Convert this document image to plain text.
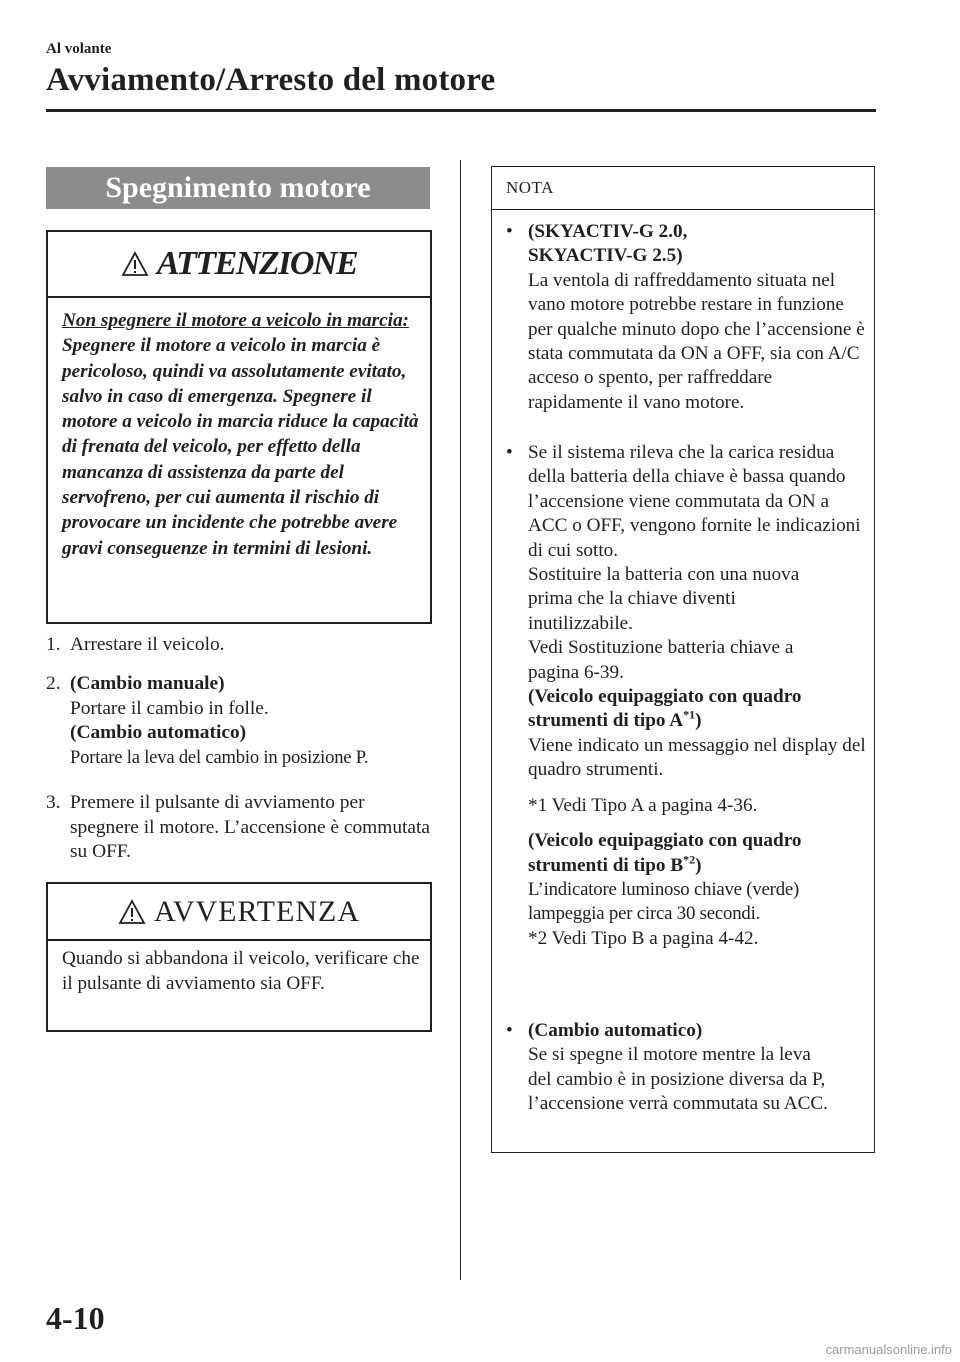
Al volante
Avviamento/Arresto del motore
Spegnimento motore
ATTENZIONE
Non spegnere il motore a veicolo in marcia:
Spegnere il motore a veicolo in marcia è pericoloso, quindi va assolutamente evitato, salvo in caso di emergenza. Spegnere il motore a veicolo in marcia riduce la capacità di frenata del veicolo, per effetto della mancanza di assistenza da parte del servofreno, per cui aumenta il rischio di provocare un incidente che potrebbe avere gravi conseguenze in termini di lesioni.
1. Arrestare il veicolo.
2. (Cambio manuale)
Portare il cambio in folle.
(Cambio automatico)
Portare la leva del cambio in posizione P.
3. Premere il pulsante di avviamento per spegnere il motore. L’accensione è commutata su OFF.
AVVERTENZA
Quando si abbandona il veicolo, verificare che il pulsante di avviamento sia OFF.
NOTA
• (SKYACTIV-G 2.0, SKYACTIV-G 2.5)
La ventola di raffreddamento situata nel vano motore potrebbe restare in funzione per qualche minuto dopo che l’accensione è stata commutata da ON a OFF, sia con A/C acceso o spento, per raffreddare rapidamente il vano motore.
• Se il sistema rileva che la carica residua della batteria della chiave è bassa quando l’accensione viene commutata da ON a ACC o OFF, vengono fornite le indicazioni di cui sotto.
Sostituire la batteria con una nuova prima che la chiave diventi inutilizzabile.
Vedi Sostituzione batteria chiave a pagina 6-39.
(Veicolo equipaggiato con quadro strumenti di tipo $A^{*1}$)
Viene indicato un messaggio nel display del quadro strumenti.
*1 Vedi Tipo A a pagina 4-36.
(Veicolo equipaggiato con quadro strumenti di tipo $B^{*2}$)
L’indicatore luminoso chiave (verde) lampeggia per circa 30 secondi.
*2 Vedi Tipo B a pagina 4-42.
• (Cambio automatico)
Se si spegne il motore mentre la leva del cambio è in posizione diversa da P, l’accensione verrà commutata su ACC.
4-10
carmanualsonline.info
